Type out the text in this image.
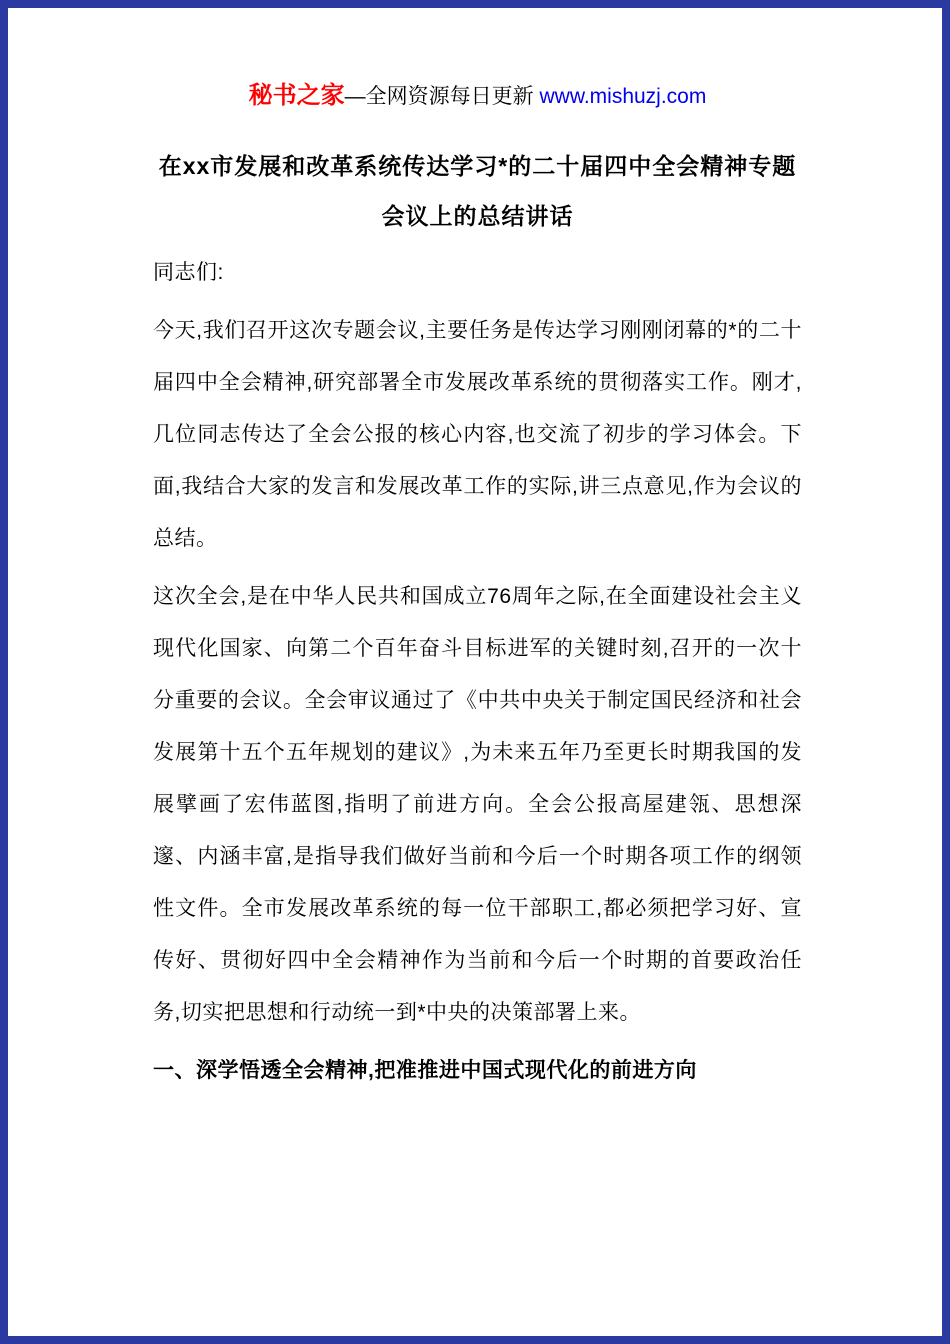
秘书之家—全网资源每日更新 www.mishuzj.com
在xx市发展和改革系统传达学习*的二十届四中全会精神专题
会议上的总结讲话

同志们:

今天,我们召开这次专题会议,主要任务是传达学习刚刚闭幕的*的二十届四中全会精神,研究部署全市发展改革系统的贯彻落实工作。刚才,几位同志传达了全会公报的核心内容,也交流了初步的学习体会。下面,我结合大家的发言和发展改革工作的实际,讲三点意见,作为会议的总结。

这次全会,是在中华人民共和国成立76周年之际,在全面建设社会主义现代化国家、向第二个百年奋斗目标进军的关键时刻,召开的一次十分重要的会议。全会审议通过了《中共中央关于制定国民经济和社会发展第十五个五年规划的建议》,为未来五年乃至更长时期我国的发展擘画了宏伟蓝图,指明了前进方向。全会公报高屋建瓴、思想深邃、内涵丰富,是指导我们做好当前和今后一个时期各项工作的纲领性文件。全市发展改革系统的每一位干部职工,都必须把学习好、宣传好、贯彻好四中全会精神作为当前和今后一个时期的首要政治任务,切实把思想和行动统一到*中央的决策部署上来。

一、深学悟透全会精神,把准推进中国式现代化的前进方向
